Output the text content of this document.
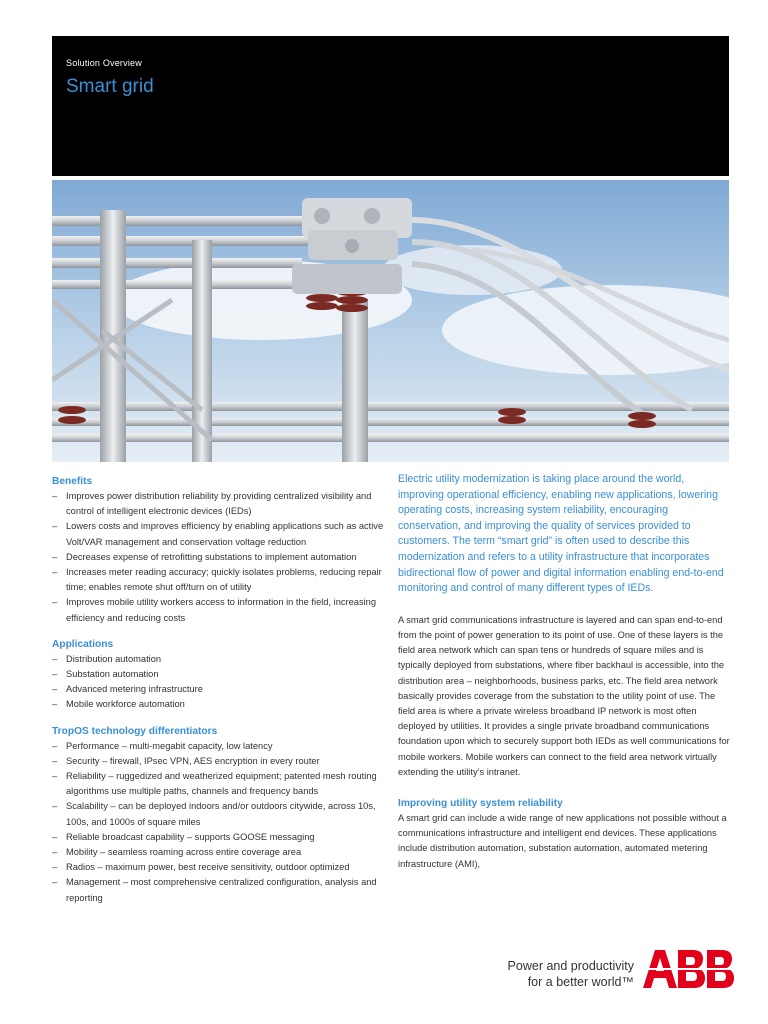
Solution Overview
Smart grid
Benefits
– Improves power distribution reliability by providing centralized visibility and control of intelligent electronic devices (IEDs)
– Lowers costs and improves efficiency by enabling applications such as active Volt/VAR management and conservation voltage reduction
– Decreases expense of retrofitting substations to implement automation
– Increases meter reading accuracy; quickly isolates problems, reducing repair time; enables remote shut off/turn on of utility
– Improves mobile utility workers access to information in the field, increasing efficiency and reducing costs
Applications
– Distribution automation
– Substation automation
– Advanced metering infrastructure
– Mobile workforce automation
TropOS technology differentiators
– Performance – multi-megabit capacity, low latency
– Security – firewall, IPsec VPN, AES encryption in every router
– Reliability – ruggedized and weatherized equipment; patented mesh routing algorithms use multiple paths, channels and frequency bands
– Scalability – can be deployed indoors and/or outdoors citywide, across 10s, 100s, and 1000s of square miles
– Reliable broadcast capability – supports GOOSE messaging
– Mobility – seamless roaming across entire coverage area
– Radios – maximum power, best receive sensitivity, outdoor optimized
– Management – most comprehensive centralized configuration, analysis and reporting

Electric utility modernization is taking place around the world, improving operational efficiency, enabling new applications, lowering operating costs, increasing system reliability, encouraging conservation, and improving the quality of services provided to customers. The term “smart grid” is often used to describe this modernization and refers to a utility infrastructure that incorporates bidirectional flow of power and digital information enabling end-to-end monitoring and control of many different types of IEDs.

A smart grid communications infrastructure is layered and can span end-to-end from the point of power generation to its point of use. One of these layers is the field area network which can span tens or hundreds of square miles and is typically deployed from substations, where fiber backhaul is accessible, into the distribution area – neighborhoods, business parks, etc. The field area network basically provides coverage from the substation to the utility point of use. The field area is where a private wireless broadband IP network is most often deployed by utilities. It provides a single private broadband communications foundation upon which to securely support both IEDs as well communications for mobile workers. Mobile workers can connect to the field area network virtually extending the utility’s intranet.

Improving utility system reliability

A smart grid can include a wide range of new applications not possible without a communications infrastructure and intelligent end devices. These applications include distribution automation, substation automation, automated metering infrastructure (AMI),

Power and productivity
for a better world™
